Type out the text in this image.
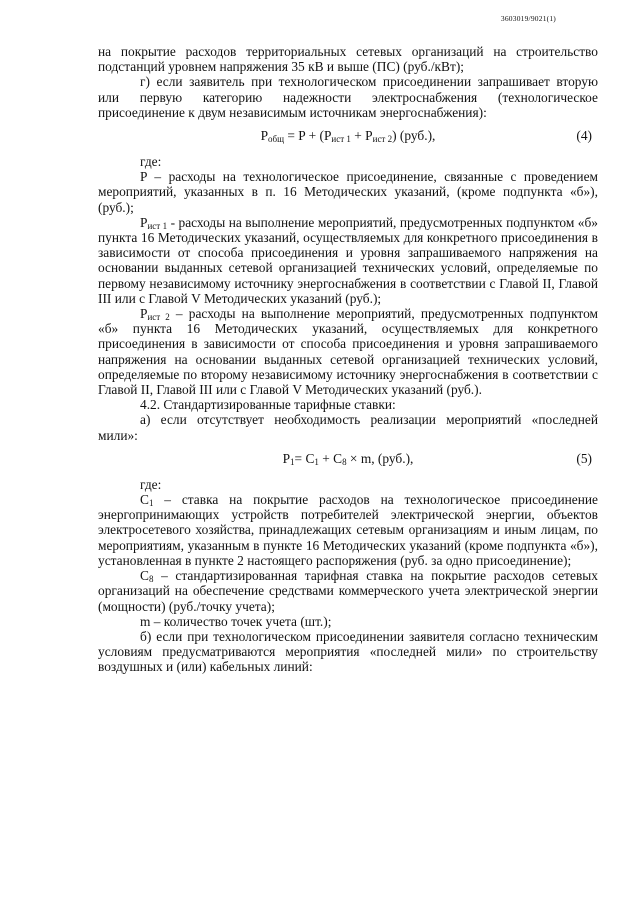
3603019/9021(1)

на покрытие расходов территориальных сетевых организаций на строительство подстанций уровнем напряжения 35 кВ и выше (ПС) (руб./кВт);

г) если заявитель при технологическом присоединении запрашивает вторую или первую категорию надежности электроснабжения (технологическое присоединение к двум независимым источникам энергоснабжения):

$P_{общ} = P + (P_{ист 1} + P_{ист 2})$ (руб.),	(4)

где:

P – расходы на технологическое присоединение, связанные с проведением мероприятий, указанных в п. 16 Методических указаний, (кроме подпункта «б»), (руб.);

$P_{ист 1}$ - расходы на выполнение мероприятий, предусмотренных подпунктом «б» пункта 16 Методических указаний, осуществляемых для конкретного присоединения в зависимости от способа присоединения и уровня запрашиваемого напряжения на основании выданных сетевой организацией технических условий, определяемые по первому независимому источнику энергоснабжения в соответствии с Главой II, Главой III или с Главой V Методических указаний (руб.);

$P_{ист 2}$ – расходы на выполнение мероприятий, предусмотренных подпунктом «б» пункта 16 Методических указаний, осуществляемых для конкретного присоединения в зависимости от способа присоединения и уровня запрашиваемого напряжения на основании выданных сетевой организацией технических условий, определяемые по второму независимому источнику энергоснабжения в соответствии с Главой II, Главой III или с Главой V Методических указаний (руб.).

4.2. Стандартизированные тарифные ставки:

а) если отсутствует необходимость реализации мероприятий «последней мили»:

$P_1= C_1 + C_8 \times m$, (руб.),	(5)

где:

$C_1$ – ставка на покрытие расходов на технологическое присоединение энергопринимающих устройств потребителей электрической энергии, объектов электросетевого хозяйства, принадлежащих сетевым организациям и иным лицам, по мероприятиям, указанным в пункте 16 Методических указаний (кроме подпункта «б»), установленная в пункте 2 настоящего распоряжения (руб. за одно присоединение);

$C_8$ – стандартизированная тарифная ставка на покрытие расходов сетевых организаций на обеспечение средствами коммерческого учета электрической энергии (мощности) (руб./точку учета);

m – количество точек учета (шт.);

б) если при технологическом присоединении заявителя согласно техническим условиям предусматриваются мероприятия «последней мили» по строительству воздушных и (или) кабельных линий:
